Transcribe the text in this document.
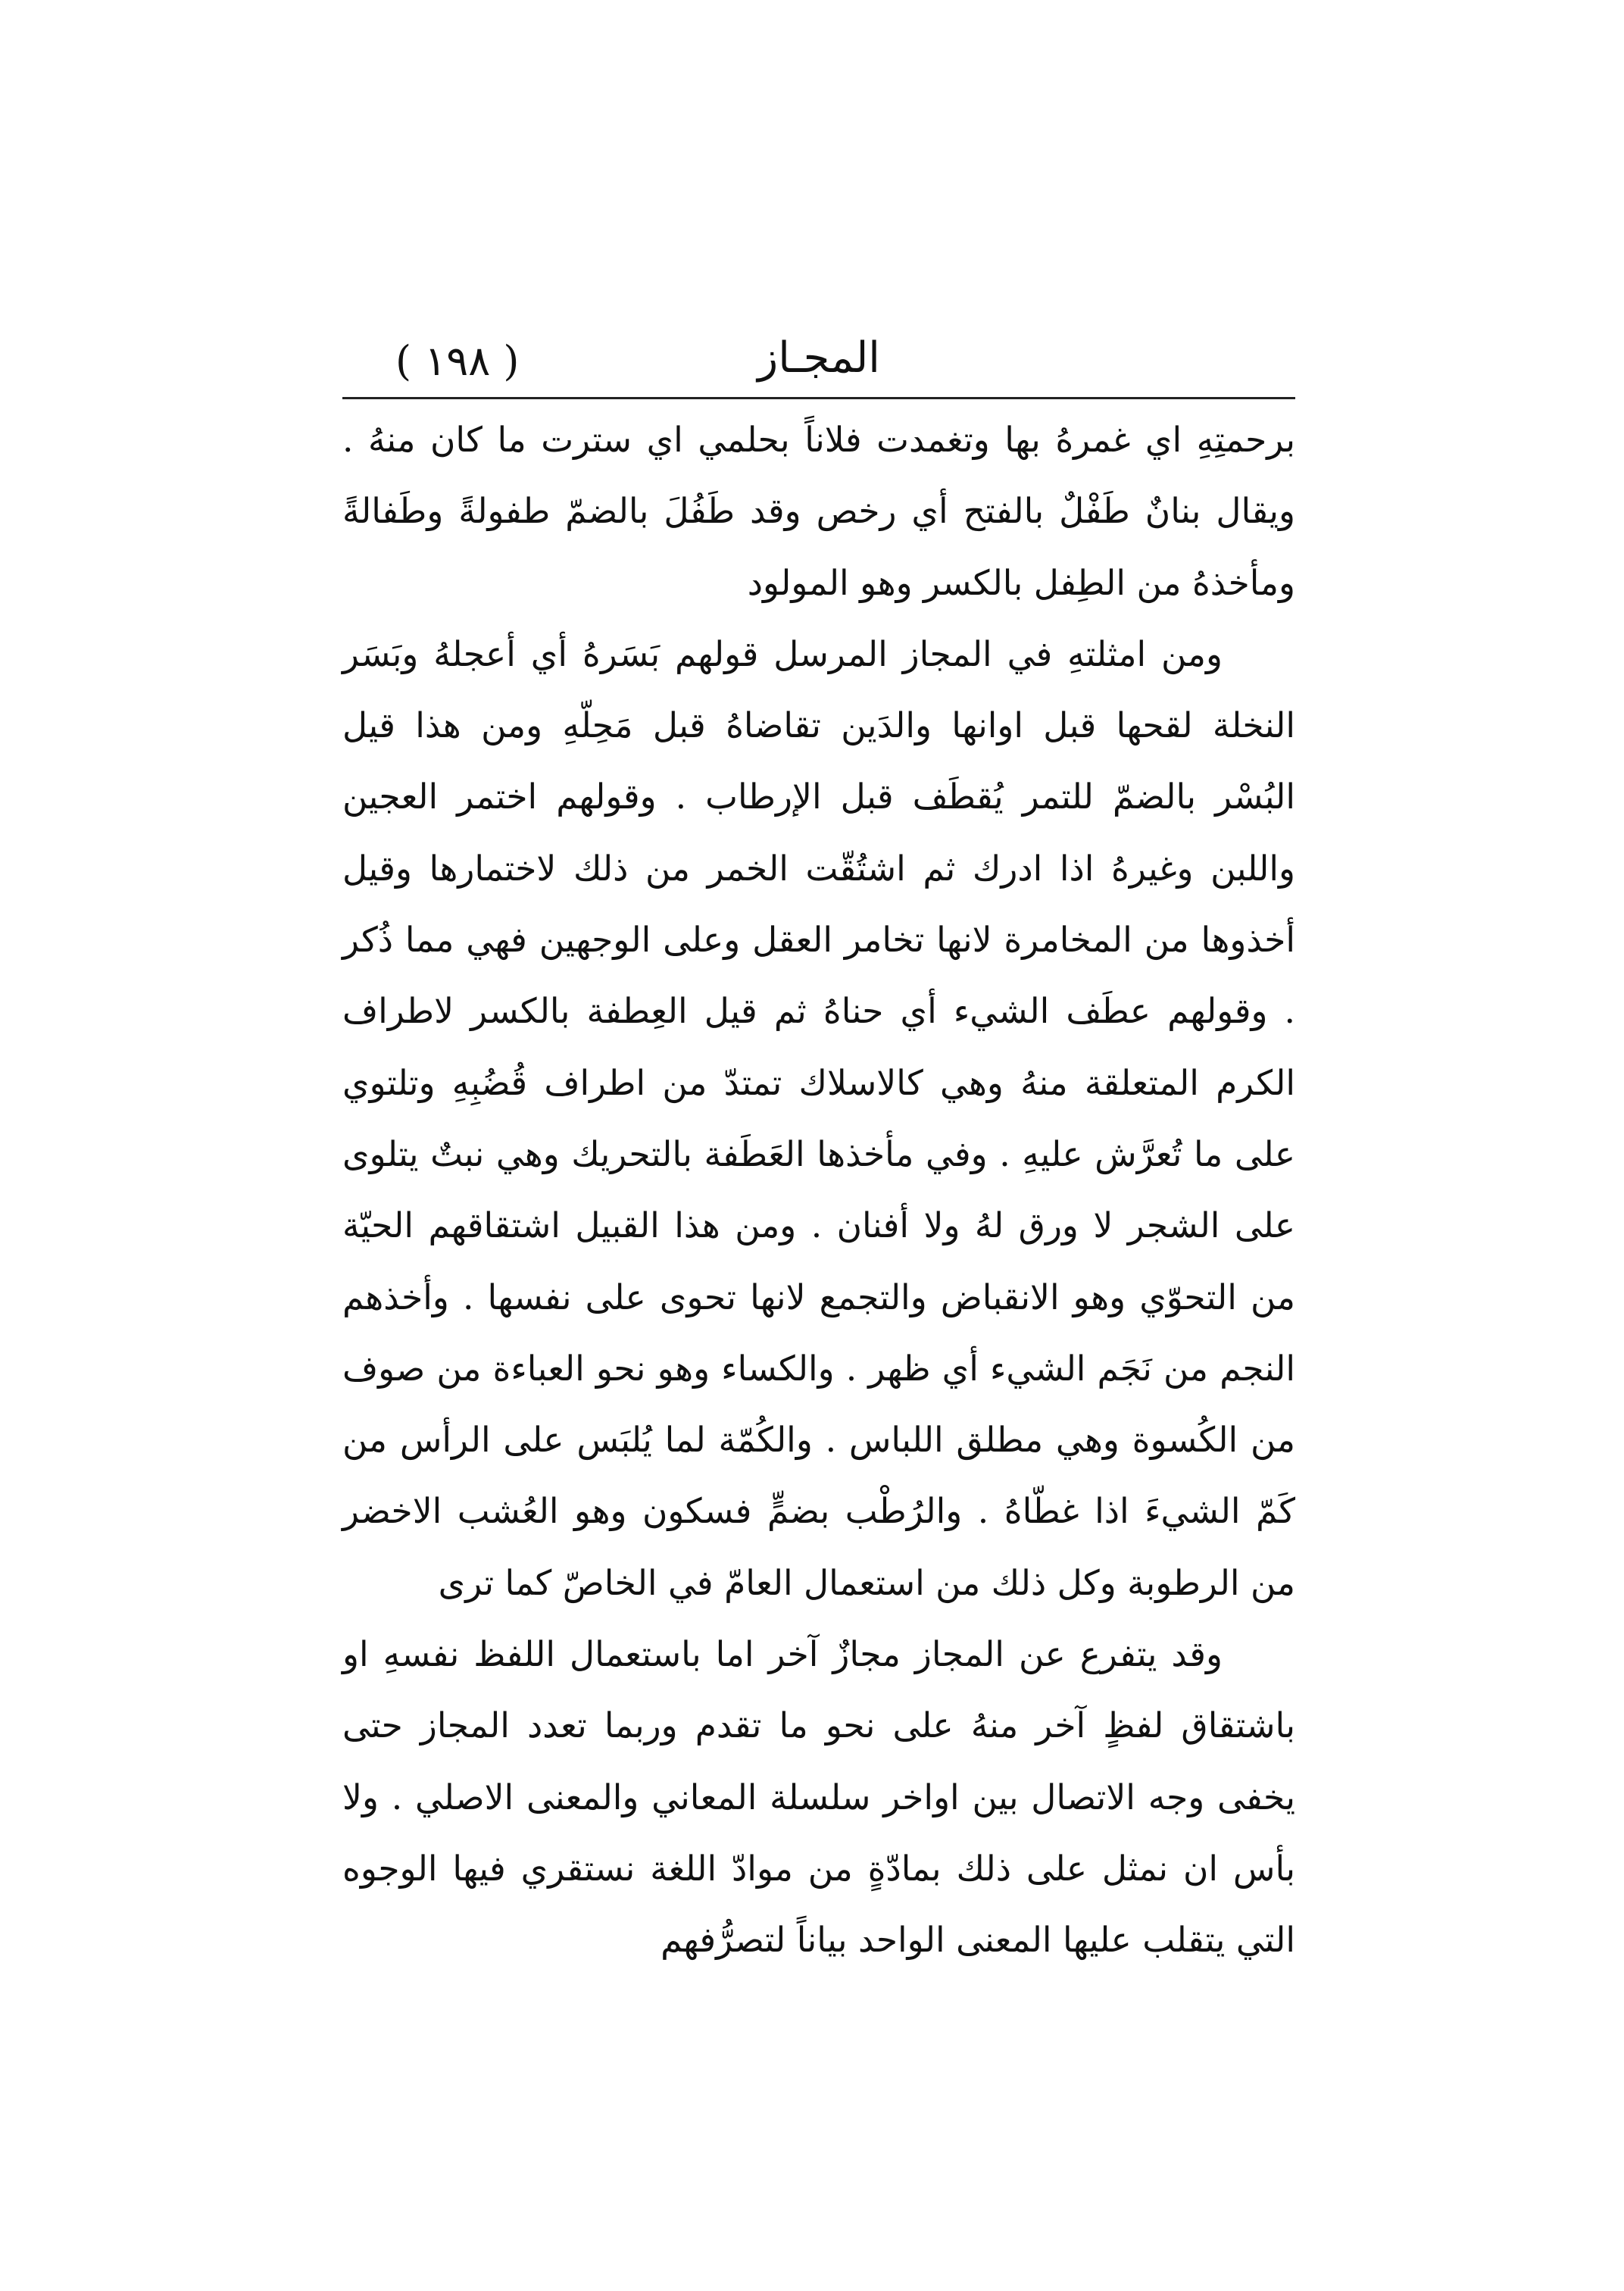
( ١٩٨ )	المجـاز

برحمتِهِ اي غمرهُ بها وتغمدت فلاناً بحلمي اي سترت ما كان منهُ . ويقال بنانٌ طَفْلٌ بالفتح أي رخص وقد طَفُلَ بالضمّ طفولةً وطَفالةً ومأخذهُ من الطِفل بالكسر وهو المولود

ومن امثلتهِ في المجاز المرسل قولهم بَسَرهُ أي أعجلهُ وبَسَر النخلة لقحها قبل اوانها والدَين تقاضاهُ قبل مَحِلّهِ ومن هذا قيل البُسْر بالضمّ للتمر يُقطَف قبل الإرطاب . وقولهم اختمر العجين واللبن وغيرهُ اذا ادرك ثم اشتُقّت الخمر من ذلك لاختمارها وقيل أخذوها من المخامرة لانها تخامر العقل وعلى الوجهين فهي مما ذُكر . وقولهم عطَف الشيء أي حناهُ ثم قيل العِطفة بالكسر لاطراف الكرم المتعلقة منهُ وهي كالاسلاك تمتدّ من اطراف قُضُبِهِ وتلتوي على ما تُعرَّش عليهِ . وفي مأخذها العَطَفة بالتحريك وهي نبتٌ يتلوى على الشجر لا ورق لهُ ولا أفنان . ومن هذا القبيل اشتقاقهم الحيّة من التحوّي وهو الانقباض والتجمع لانها تحوى على نفسها . وأخذهم النجم من نَجَم الشيء أي ظهر . والكساء وهو نحو العباءة من صوف من الكُسوة وهي مطلق اللباس . والكُمّة لما يُلبَس على الرأس من كَمّ الشيءَ اذا غطّاهُ . والرُطْب بضمٍّ فسكون وهو العُشب الاخضر من الرطوبة وكل ذلك من استعمال العامّ في الخاصّ كما ترى

وقد يتفرع عن المجاز مجازٌ آخر اما باستعمال اللفظ نفسهِ او باشتقاق لفظٍ آخر منهُ على نحو ما تقدم وربما تعدد المجاز حتى يخفى وجه الاتصال بين اواخر سلسلة المعاني والمعنى الاصلي . ولا بأس ان نمثل على ذلك بمادّةٍ من موادّ اللغة نستقري فيها الوجوه التي يتقلب عليها المعنى الواحد بياناً لتصرُّفهم
